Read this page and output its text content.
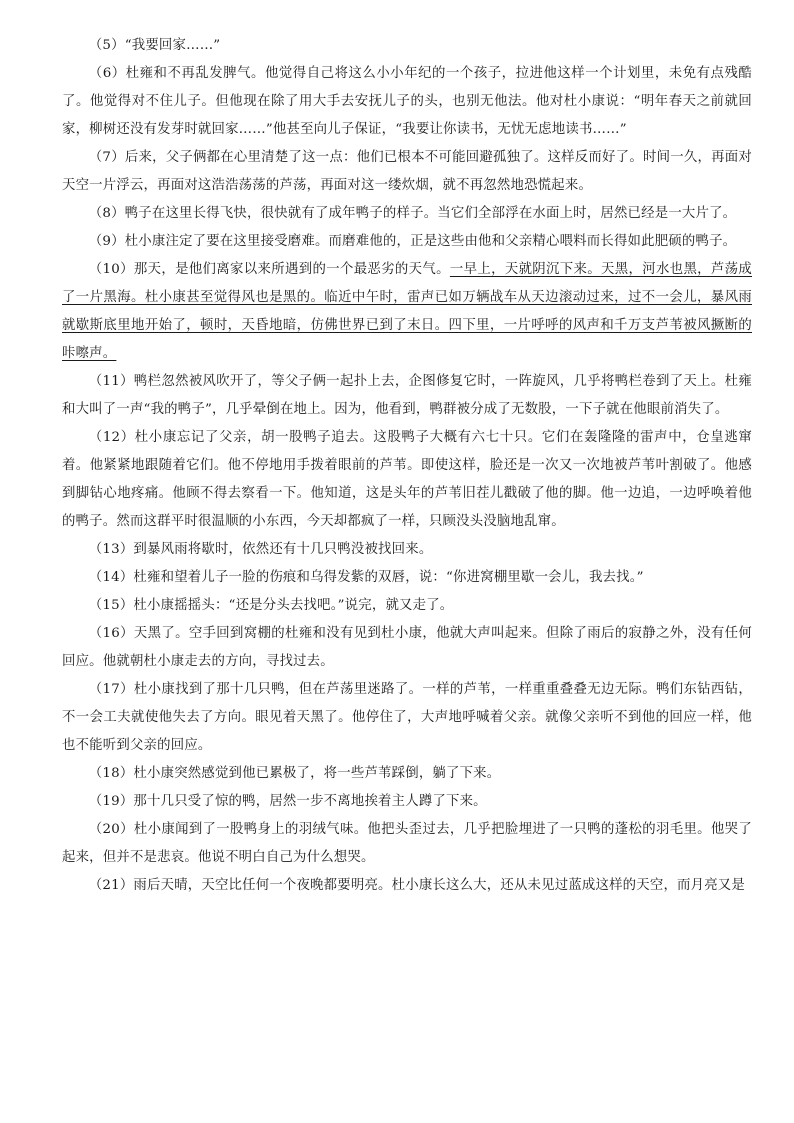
（5）“我要回家……”

（6）杜雍和不再乱发脾气。他觉得自己将这么小小年纪的一个孩子，拉进他这样一个计划里，未免有点残酷了。他觉得对不住儿子。但他现在除了用大手去安抚儿子的头，也别无他法。他对杜小康说：“明年春天之前就回家，柳树还没有发芽时就回家……”他甚至向儿子保证，“我要让你读书，无忧无虑地读书……”

（7）后来，父子俩都在心里清楚了这一点：他们已根本不可能回避孤独了。这样反而好了。时间一久，再面对天空一片浮云，再面对这浩浩荡荡的芦荡，再面对这一缕炊烟，就不再忽然地恐慌起来。

（8）鸭子在这里长得飞快，很快就有了成年鸭子的样子。当它们全部浮在水面上时，居然已经是一大片了。

（9）杜小康注定了要在这里接受磨难。而磨难他的，正是这些由他和父亲精心喂料而长得如此肥硕的鸭子。

（10）那天，是他们离家以来所遇到的一个最恶劣的天气。一早上，天就阴沉下来。天黑，河水也黑，芦荡成了一片黑海。杜小康甚至觉得风也是黑的。临近中午时，雷声已如万辆战车从天边滚动过来，过不一会儿，暴风雨就歇斯底里地开始了，顿时，天昏地暗，仿佛世界已到了末日。四下里，一片呼呼的风声和千万支芦苇被风撅断的咔嚓声。

（11）鸭栏忽然被风吹开了，等父子俩一起扑上去，企图修复它时，一阵旋风，几乎将鸭栏卷到了天上。杜雍和大叫了一声“我的鸭子”，几乎晕倒在地上。因为，他看到，鸭群被分成了无数股，一下子就在他眼前消失了。

（12）杜小康忘记了父亲，胡一股鸭子追去。这股鸭子大概有六七十只。它们在轰隆隆的雷声中，仓皇逃窜着。他紧紧地跟随着它们。他不停地用手拨着眼前的芦苇。即使这样，脸还是一次又一次地被芦苇叶割破了。他感到脚钻心地疼痛。他顾不得去察看一下。他知道，这是头年的芦苇旧茬儿戳破了他的脚。他一边追，一边呼唤着他的鸭子。然而这群平时很温顺的小东西，今天却都疯了一样，只顾没头没脑地乱窜。

（13）到暴风雨将歇时，依然还有十几只鸭没被找回来。

（14）杜雍和望着儿子一脸的伤痕和乌得发紫的双唇，说：“你进窝棚里歇一会儿，我去找。”

（15）杜小康摇摇头：“还是分头去找吧。”说完，就又走了。

（16）天黑了。空手回到窝棚的杜雍和没有见到杜小康，他就大声叫起来。但除了雨后的寂静之外，没有任何回应。他就朝杜小康走去的方向，寻找过去。

（17）杜小康找到了那十几只鸭，但在芦荡里迷路了。一样的芦苇，一样重重叠叠无边无际。鸭们东钻西钻，不一会工夫就使他失去了方向。眼见着天黑了。他停住了，大声地呼喊着父亲。就像父亲听不到他的回应一样，他也不能听到父亲的回应。

（18）杜小康突然感觉到他已累极了，将一些芦苇踩倒，躺了下来。

（19）那十几只受了惊的鸭，居然一步不离地挨着主人蹲了下来。

（20）杜小康闻到了一股鸭身上的羽绒气味。他把头歪过去，几乎把脸埋进了一只鸭的蓬松的羽毛里。他哭了起来，但并不是悲哀。他说不明白自己为什么想哭。

（21）雨后天晴，天空比任何一个夜晚都要明亮。杜小康长这么大，还从未见过蓝成这样的天空，而月亮又是
